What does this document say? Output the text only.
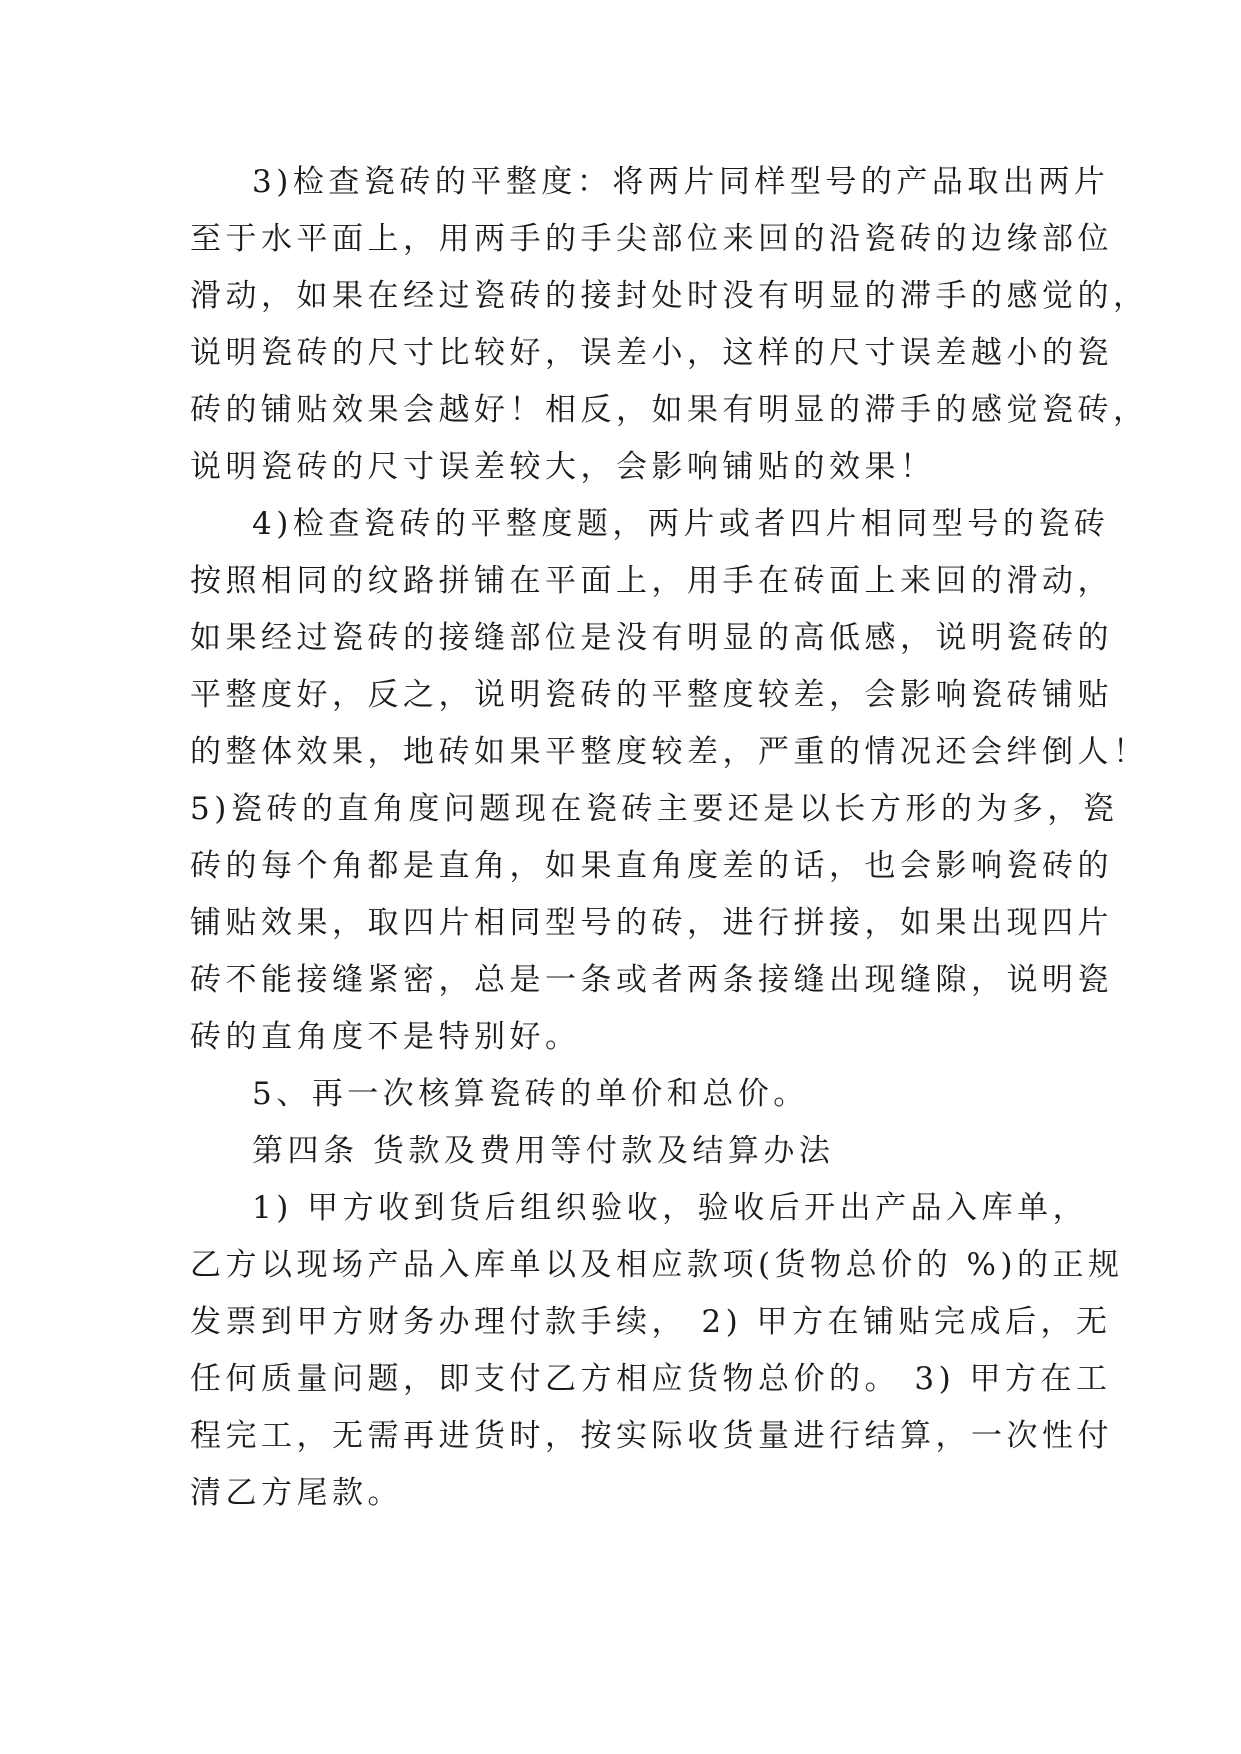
3)检查瓷砖的平整度：将两片同样型号的产品取出两片
至于水平面上，用两手的手尖部位来回的沿瓷砖的边缘部位
滑动，如果在经过瓷砖的接封处时没有明显的滞手的感觉的，
说明瓷砖的尺寸比较好，误差小，这样的尺寸误差越小的瓷
砖的铺贴效果会越好！相反，如果有明显的滞手的感觉瓷砖，
说明瓷砖的尺寸误差较大，会影响铺贴的效果！
4)检查瓷砖的平整度题，两片或者四片相同型号的瓷砖
按照相同的纹路拼铺在平面上，用手在砖面上来回的滑动，
如果经过瓷砖的接缝部位是没有明显的高低感，说明瓷砖的
平整度好，反之，说明瓷砖的平整度较差，会影响瓷砖铺贴
的整体效果，地砖如果平整度较差，严重的情况还会绊倒人！
5)瓷砖的直角度问题现在瓷砖主要还是以长方形的为多，瓷
砖的每个角都是直角，如果直角度差的话，也会影响瓷砖的
铺贴效果，取四片相同型号的砖，进行拼接，如果出现四片
砖不能接缝紧密，总是一条或者两条接缝出现缝隙，说明瓷
砖的直角度不是特别好。
5、再一次核算瓷砖的单价和总价。
第四条 货款及费用等付款及结算办法
1) 甲方收到货后组织验收，验收后开出产品入库单，
乙方以现场产品入库单以及相应款项(货物总价的 %)的正规
发票到甲方财务办理付款手续， 2) 甲方在铺贴完成后，无
任何质量问题，即支付乙方相应货物总价的。 3) 甲方在工
程完工，无需再进货时，按实际收货量进行结算，一次性付
清乙方尾款。
